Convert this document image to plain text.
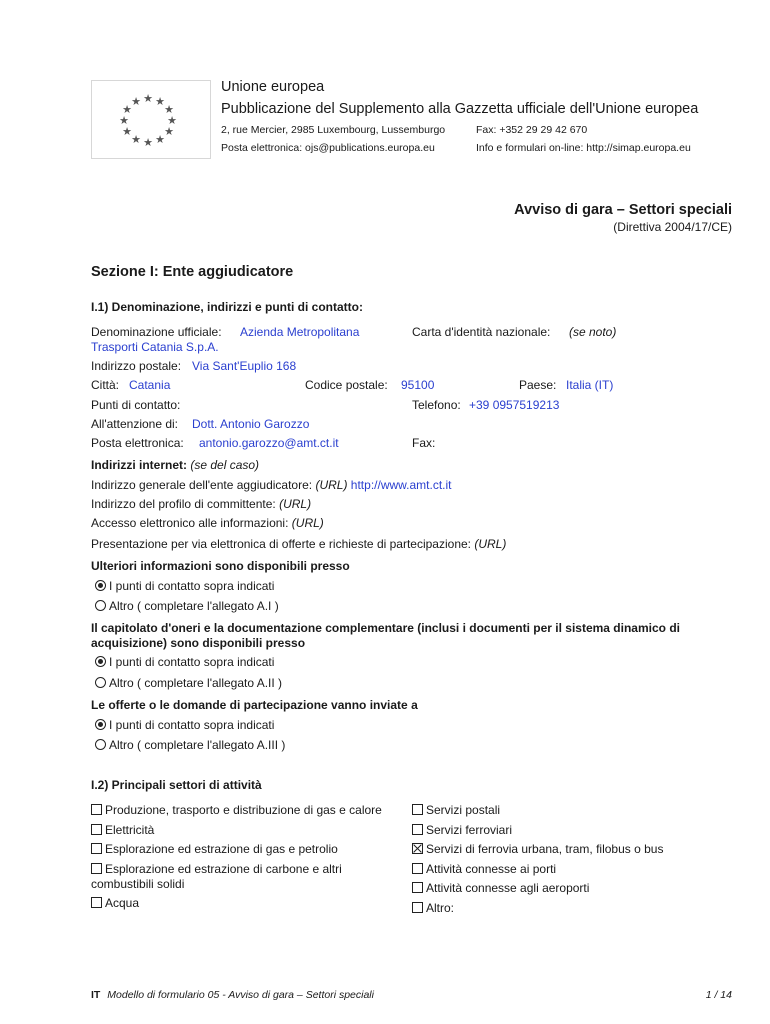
★ ★
★
★
★
★
★
★
★
★
★
★
Unione europea
Pubblicazione del Supplemento alla Gazzetta ufficiale dell'Unione europea
2, rue Mercier, 2985 Luxembourg, Lussemburgo	Fax: +352 29 29 42 670
Posta elettronica: ojs@publications.europa.eu	Info e formulari on-line: http://simap.europa.eu
Avviso di gara – Settori speciali
(Direttiva 2004/17/CE)
Sezione I: Ente aggiudicatore
I.1) Denominazione, indirizzi e punti di contatto:
Denominazione ufficiale: Azienda Metropolitana
Trasporti Catania S.p.A.
Carta d'identità nazionale: (se noto)
Indirizzo postale: Via Sant'Euplio 168
Città: Catania	Codice postale: 95100	Paese: Italia (IT)
Punti di contatto:	Telefono: +39 0957519213
All'attenzione di: Dott. Antonio Garozzo
Posta elettronica: antonio.garozzo@amt.ct.it	Fax:
Indirizzi internet: (se del caso)
Indirizzo generale dell'ente aggiudicatore: (URL) http://www.amt.ct.it
Indirizzo del profilo di committente: (URL)
Accesso elettronico alle informazioni: (URL)
Presentazione per via elettronica di offerte e richieste di partecipazione: (URL)
Ulteriori informazioni sono disponibili presso
I punti di contatto sopra indicati
Altro ( completare l'allegato A.I )
Il capitolato d'oneri e la documentazione complementare (inclusi i documenti per il sistema dinamico di
acquisizione) sono disponibili presso
I punti di contatto sopra indicati
Altro ( completare l'allegato A.II )
Le offerte o le domande di partecipazione vanno inviate a
I punti di contatto sopra indicati
Altro ( completare l'allegato A.III )
I.2) Principali settori di attività
Produzione, trasporto e distribuzione di gas e calore
Elettricità
Esplorazione ed estrazione di gas e petrolio
Esplorazione ed estrazione di carbone e altri
combustibili solidi
Acqua
Servizi postali
Servizi ferroviari
Servizi di ferrovia urbana, tram, filobus o bus
Attività connesse ai porti
Attività connesse agli aeroporti
Altro:
IT Modello di formulario 05 - Avviso di gara – Settori speciali	1 / 14
